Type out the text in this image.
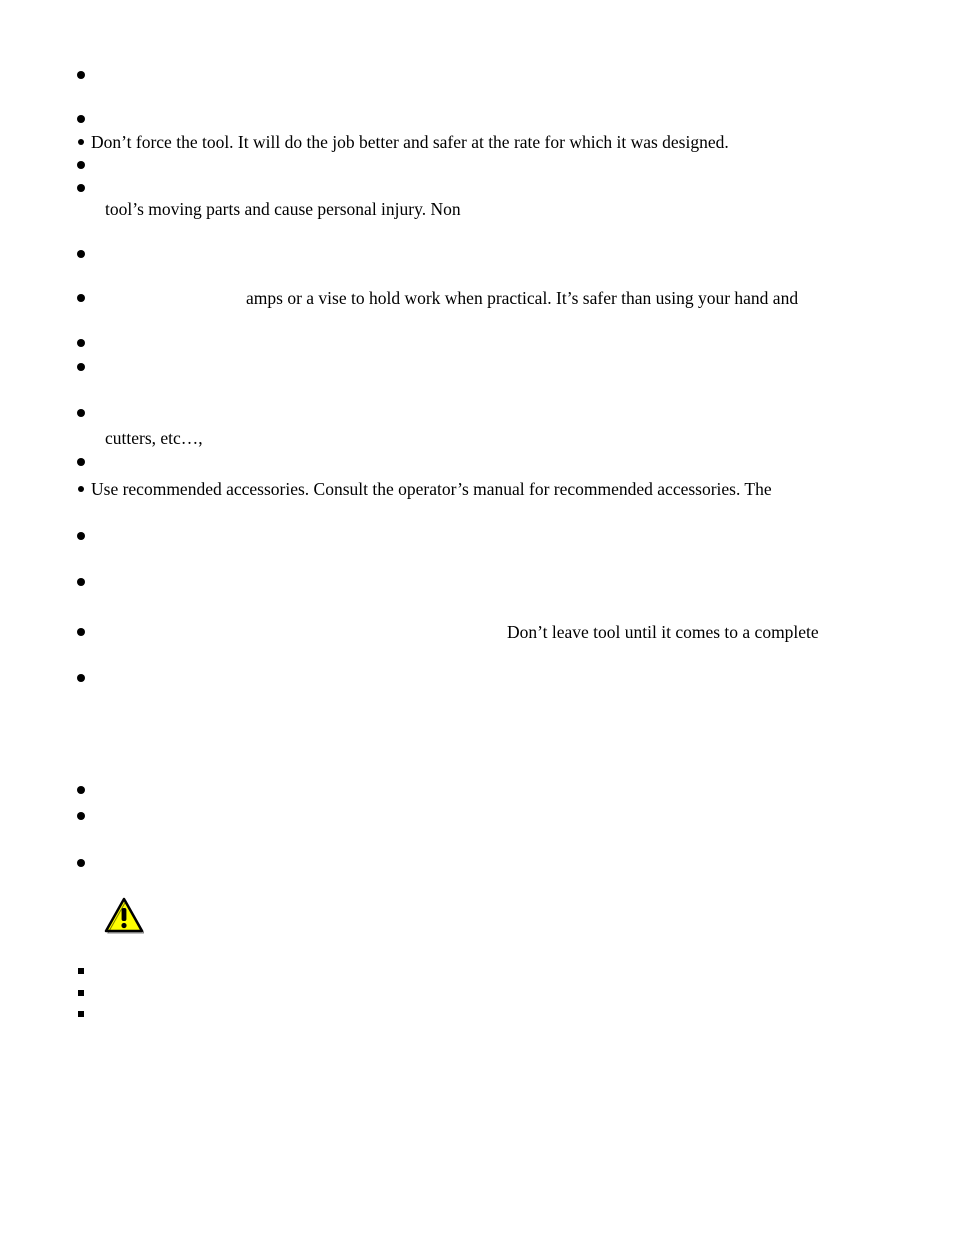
Don’t force the tool. It will do the job better and safer at the rate for which it was designed.
tool’s moving parts and cause personal injury. Non
amps or a vise to hold work when practical. It’s safer than using your hand and
cutters, etc…,
Use recommended accessories. Consult the operator’s manual for recommended accessories. The
Don’t leave tool until it comes to a complete
